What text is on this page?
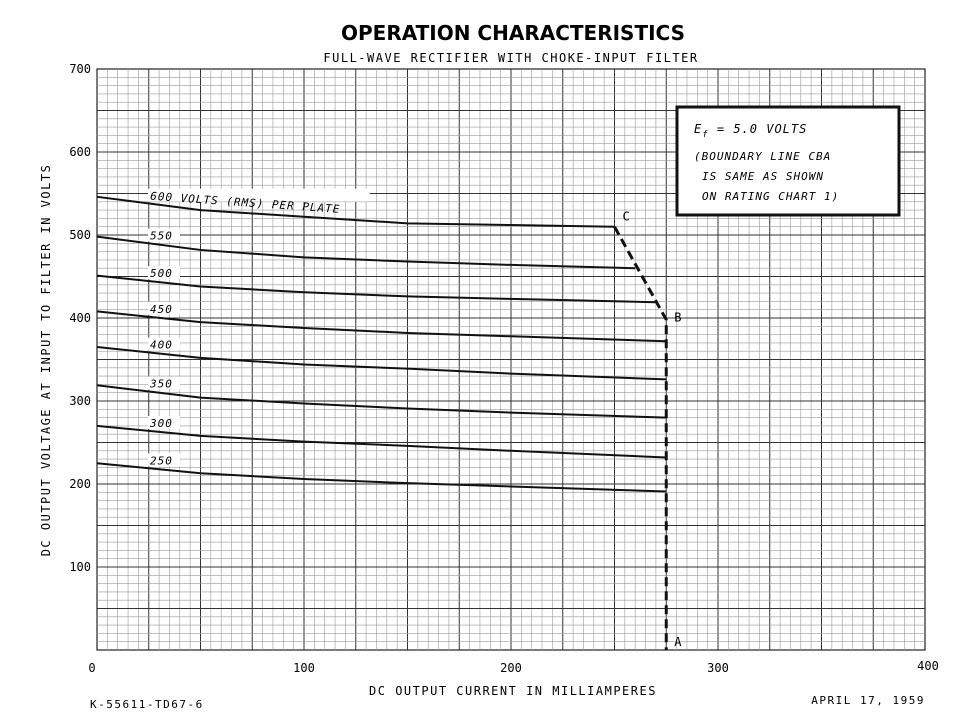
OPERATION CHARACTERISTICS
FULL-WAVE RECTIFIER WITH CHOKE-INPUT FILTER
100
200
300
400
500
600
700
0	100	200	300	400
DC OUTPUT CURRENT IN MILLIAMPERES
DC OUTPUT VOLTAGE AT INPUT TO FILTER IN VOLTS	600 VOLTS (RMS) PER PLATE
550
500
450
400
350
300
250
C
B
A
$E_f = 5.0$ VOLTS
(BOUNDARY LINE CBA
IS SAME AS SHOWN
ON RATING CHART 1)
K-55611-TD67-6	APRIL 17, 1959
